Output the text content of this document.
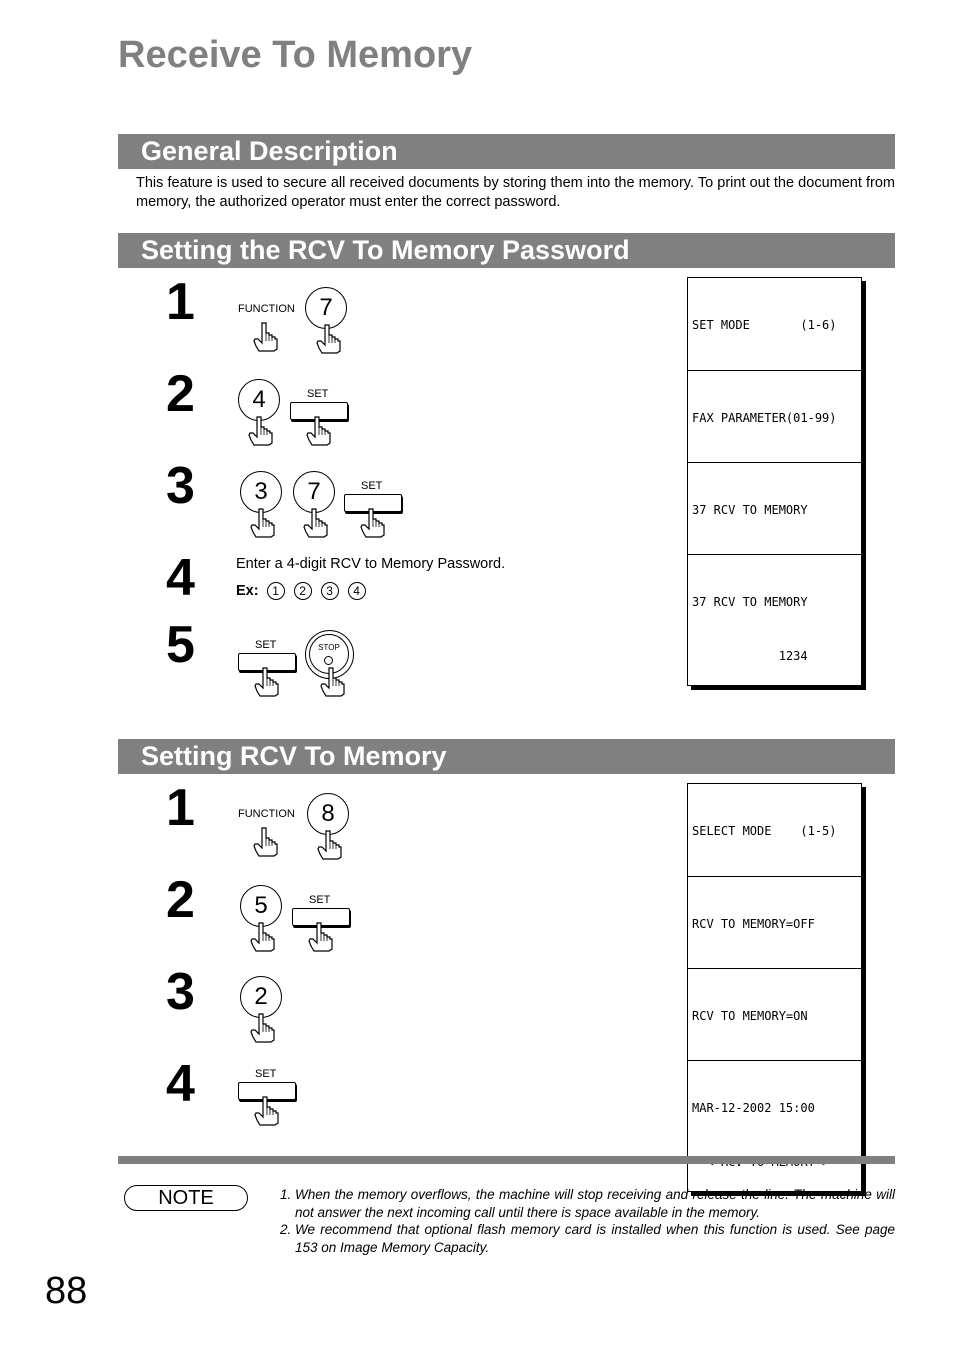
Receive To Memory
General Description
This feature is used to secure all received documents by storing them into the memory. To print out the document from memory, the authorized operator must enter the correct password.
Setting the RCV To Memory Password
1	FUNCTION	7

SET MODE       (1-6)

2	4	SET

FAX PARAMETER(01-99)

3	3	7	SET

37 RCV TO MEMORY

4	Enter a 4-digit RCV to Memory Password.
Ex: 1 2 3 4

37 RCV TO MEMORY

1234

5	SET	STOP
Setting RCV To Memory
1	FUNCTION	8

SELECT MODE    (1-5)

2	5	SET

RCV TO MEMORY=OFF

3	2

RCV TO MEMORY=ON

4	SET

MAR-12-2002 15:00

NOTE
1.	When the memory overflows, the machine will stop receiving and release the line. The machine will not answer the next incoming call until there is space available in the memory.
2. We recommend that optional flash memory card is installed when this function is used. See page 153 on Image Memory Capacity.
88
